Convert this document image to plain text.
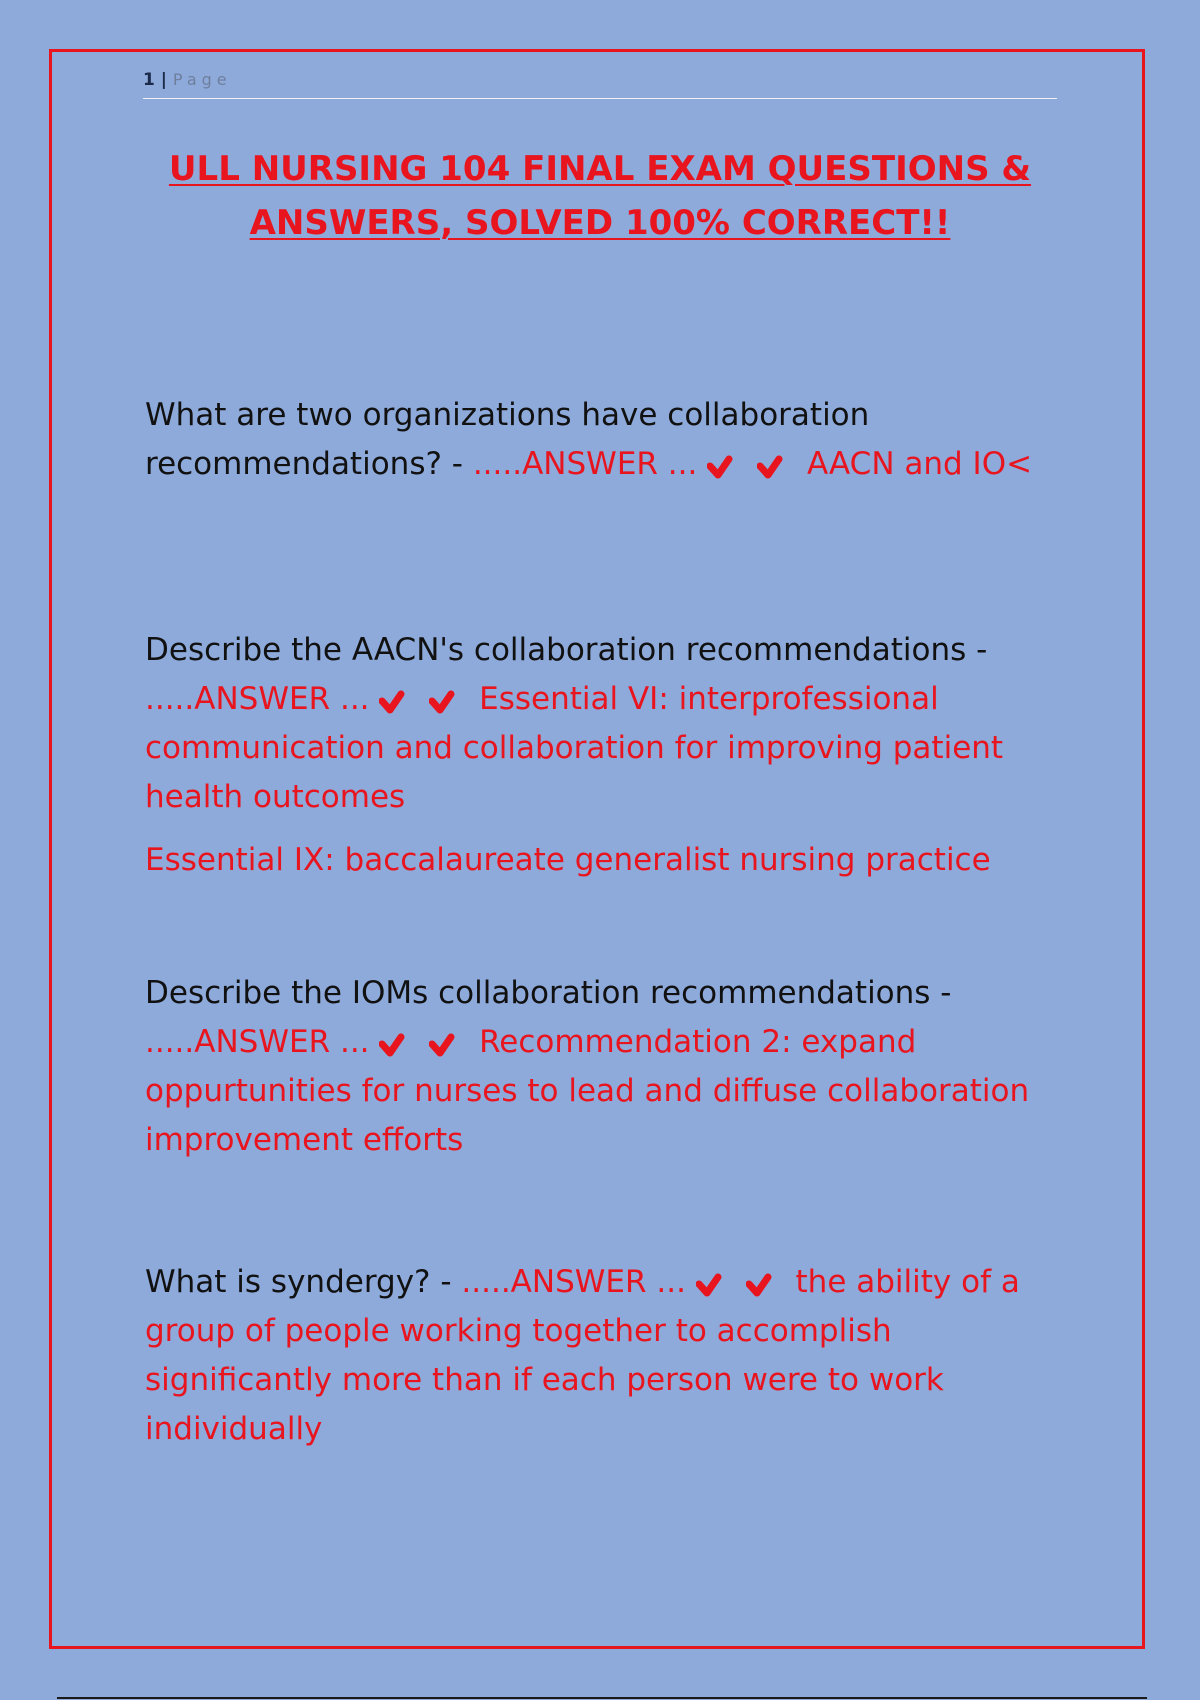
1 | Page
ULL NURSING 104 FINAL EXAM QUESTIONS &
ANSWERS, SOLVED 100% CORRECT!!

What are two organizations have collaboration recommendations? - .....ANSWER ...	AACN and IO<

Describe the AACN's collaboration recommendations -

.....ANSWER ...	Essential VI: interprofessional communication and collaboration for improving patient health outcomes

Essential IX: baccalaureate generalist nursing practice

Describe the IOMs collaboration recommendations -

.....ANSWER ...	Recommendation 2: expand oppurtunities for nurses to lead and diffuse collaboration improvement efforts

What is syndergy? - .....ANSWER ...	the ability of a group of people working together to accomplish significantly more than if each person were to work individually
